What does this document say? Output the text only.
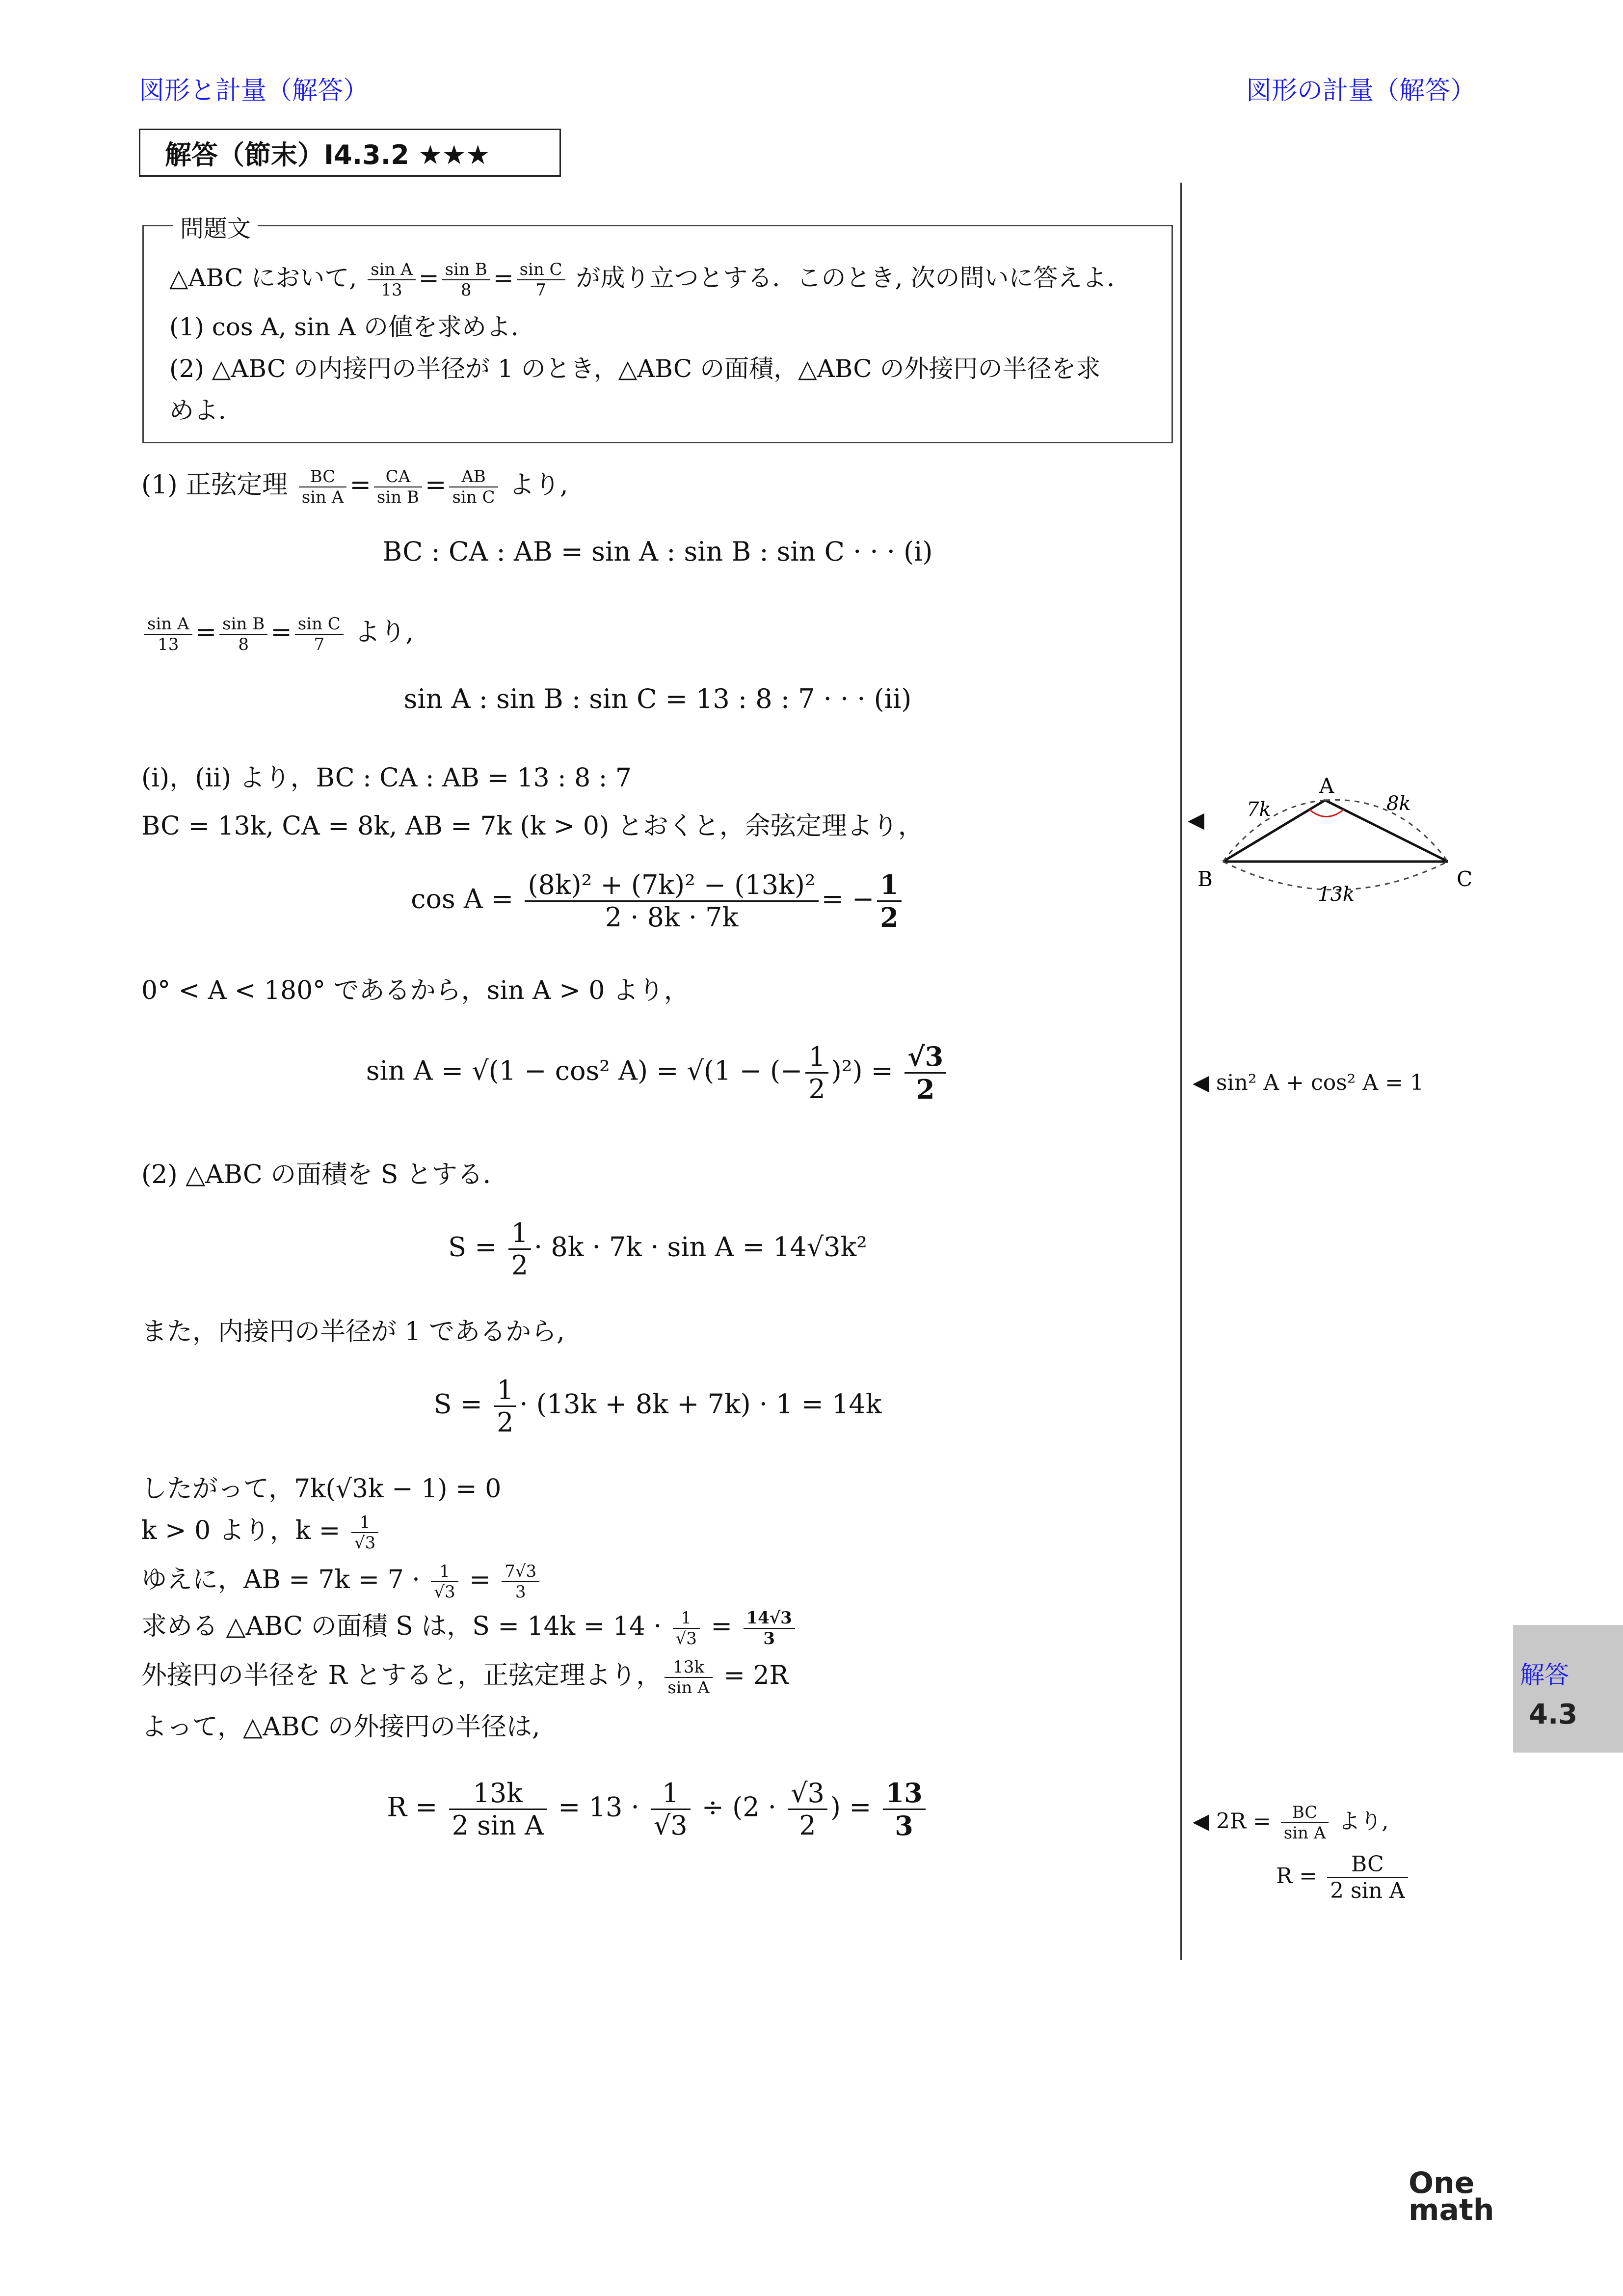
図形と計量（解答）	図形の計量（解答）
解答（節末）I4.3.2 ★★★
問題文
△ABC において, $\frac{\text{sin A}}{13} = \frac{\text{sin B}}{8} = \frac{\text{sin C}}{7}$ が成り立つとする．このとき, 次の問いに答えよ．
(1) cos A, sin A の値を求めよ．
(2) △ABC の内接円の半径が 1 のとき，△ABC の面積，△ABC の外接円の半径を求
めよ．
(1) 正弦定理 $\frac{BC}{\text{sin A}} = \frac{CA}{\text{sin B}} = \frac{AB}{\text{sin C}}$ より,
BC : CA : AB = sin A : sin B : sin C · · · (i)
$\frac{\text{sin A}}{13} = \frac{\text{sin B}}{8} = \frac{\text{sin C}}{7}$ より,
sin A : sin B : sin C = 13 : 8 : 7 · · · (ii)
(i)，(ii) より，BC : CA : AB = 13 : 8 : 7
BC = 13k, CA = 8k, AB = 7k (k > 0) とおくと，余弦定理より，
$\cos A = \frac{\text{(8k)² + (7k)² − (13k)²}}{2 \cdot 8k \cdot 7k}$ = − $\frac{1}{2}$
0° < A < 180° であるから，sin A > 0 より，
sin A = √(1 − cos² A) = √(1 − (− $\frac{1}{2} )^2) = \frac{√3}{2}$
(2) △ABC の面積を S とする．
$S = \frac{1}{2} \cdot 8k \cdot 7k \cdot \sin A = 14√3k^2$
また，内接円の半径が 1 であるから,
$S = \frac{1}{2} \cdot (13k + 8k + 7k) \cdot 1 = 14k$
したがって，7k(√3k − 1) = 0
k > 0 より，$k = \frac{1}{√3}$
ゆえに，AB = $7k = 7 \cdot \frac{1}{√3} = \frac{7√3}{3}$
求める △ABC の面積 S は，$S = 14k = 14 \cdot \frac{1}{√3} = \frac{14√3}{3}$
外接円の半径を R とすると，正弦定理より， $\frac{13k}{\text{sin A}} = 2R$
よって，△ABC の外接円の半径は,
$R = \frac{13k}{\text{2 sin A}} = 13 \cdot \frac{1}{√3} \div (2 \cdot \frac{√3}{2}$ ) = $\frac{13}{3}$
◀
A
B	C
7k	8k
13k
◀ sin² A + cos² A = 1
◀ $2R = \frac{BC}{\text{sin A}}$ より,
$R = \frac{BC}{\text{2 sin A}}$
解答
4.3
One
math
